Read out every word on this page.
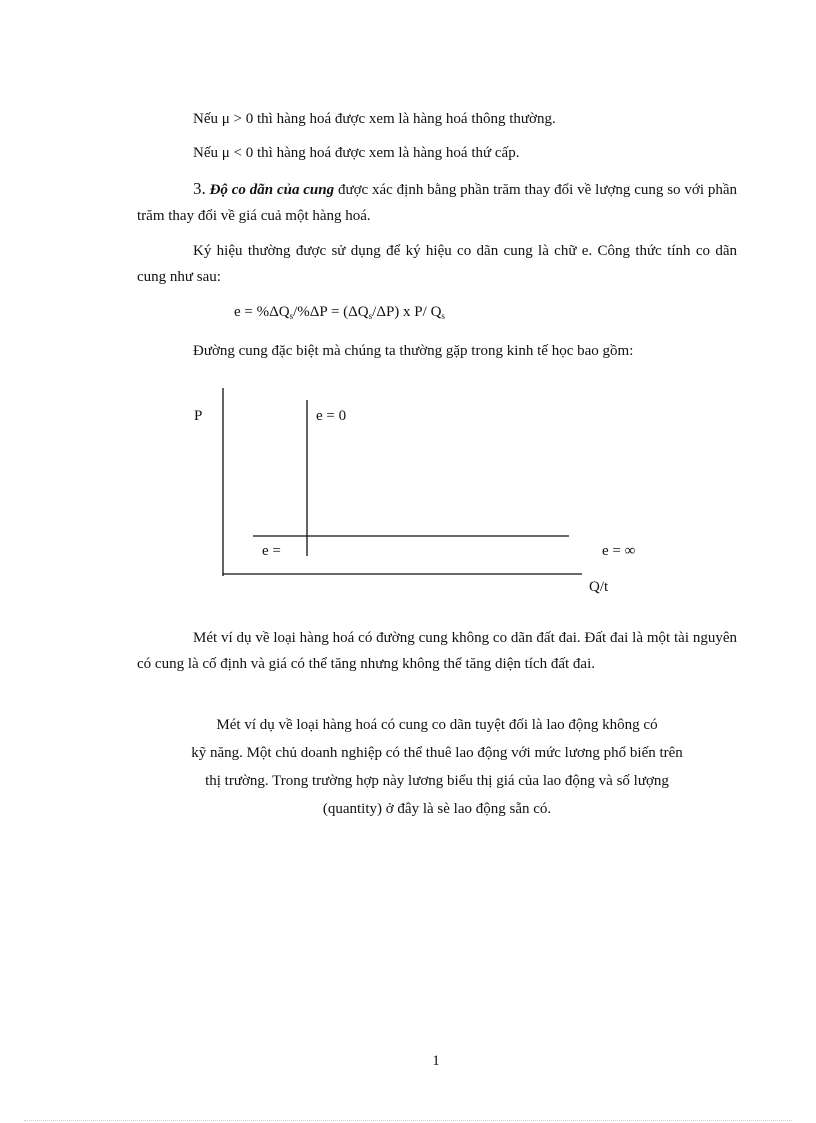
Nếu μ > 0 thì hàng hoá được xem là hàng hoá thông thường.

Nếu μ < 0 thì hàng hoá được xem là hàng hoá thứ cấp.

3. Độ co dãn của cung được xác định bằng phần trăm thay đổi về lượng cung so với phần trăm thay đổi về giá cuả một hàng hoá.

Ký hiệu thường được sử dụng để ký hiệu co dãn cung là chữ e. Công thức tính co dãn cung như sau:

$e = \%\Delta Q_s/\%\Delta P = (\Delta Q_s/\Delta P)$ x P/ $Q_s$

Đường cung đặc biệt mà chúng ta thường gặp trong kinh tế học bao gồm:

P	e = 0
e =	e = ∞
Q/t

Mét ví dụ về loại hàng hoá có đường cung không co dãn đất đai. Đất đai là một tài nguyên có cung là cố định và giá có thể tăng nhưng không thể tăng diện tích đất đai.

Mét ví dụ về loại hàng hoá có cung co dãn tuyệt đối là lao động không có

kỹ năng. Một chủ doanh nghiệp có thể thuê lao động với mức lương phổ biến trên

thị trường. Trong trường hợp này lương biểu thị giá của lao động và số lượng

(quantity) ở đây là sè lao động sẵn có.

1
